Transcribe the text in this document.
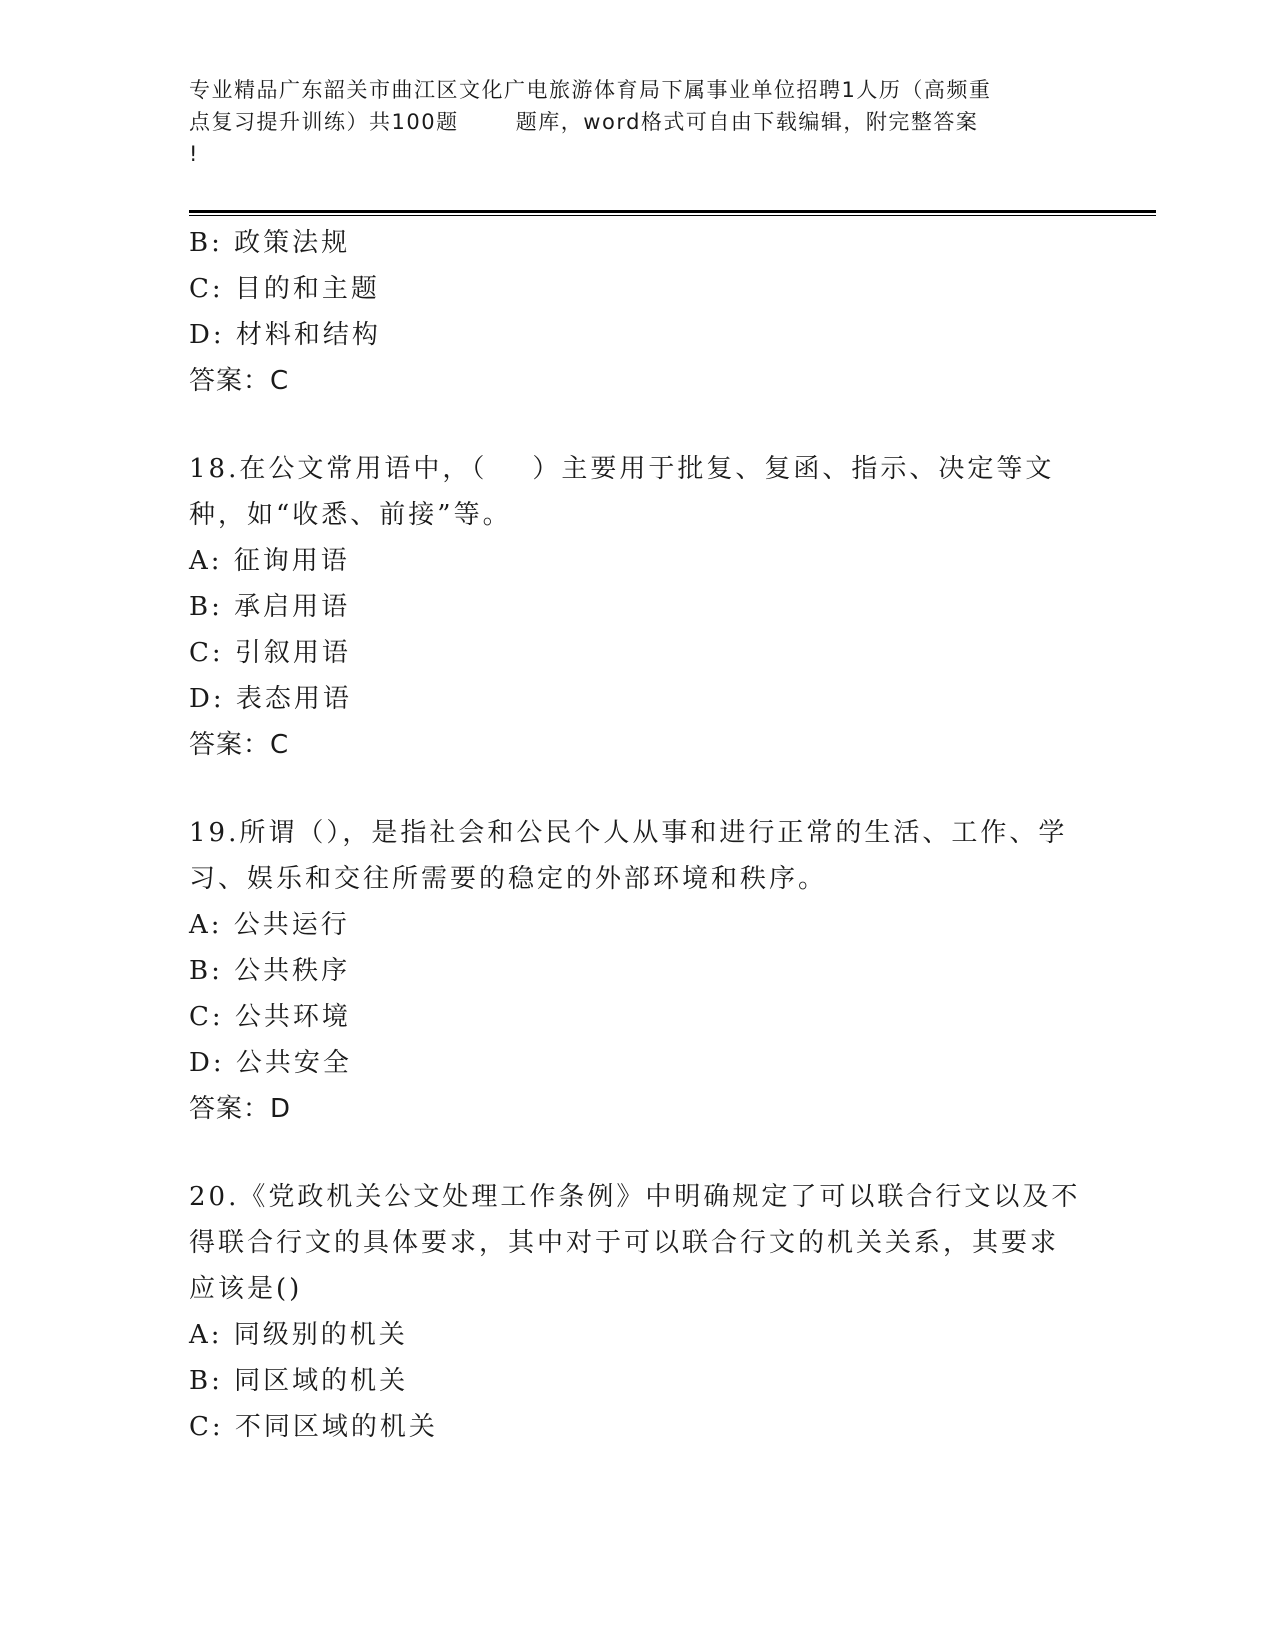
专业精品广东韶关市曲江区文化广电旅游体育局下属事业单位招聘1人历（高频重
点复习提升训练）共100题       题库，word格式可自由下载编辑，附完整答案
!
B: 政策法规
C: 目的和主题
D: 材料和结构
答案：C
18.在公文常用语中，（    ）主要用于批复、复函、指示、决定等文
种，如“收悉、前接”等。
A: 征询用语
B: 承启用语
C: 引叙用语
D: 表态用语
答案：C
19.所谓（），是指社会和公民个人从事和进行正常的生活、工作、学
习、娱乐和交往所需要的稳定的外部环境和秩序。
A: 公共运行
B: 公共秩序
C: 公共环境
D: 公共安全
答案：D
20.《党政机关公文处理工作条例》中明确规定了可以联合行文以及不
得联合行文的具体要求，其中对于可以联合行文的机关关系，其要求
应该是()
A: 同级别的机关
B: 同区域的机关
C: 不同区域的机关
